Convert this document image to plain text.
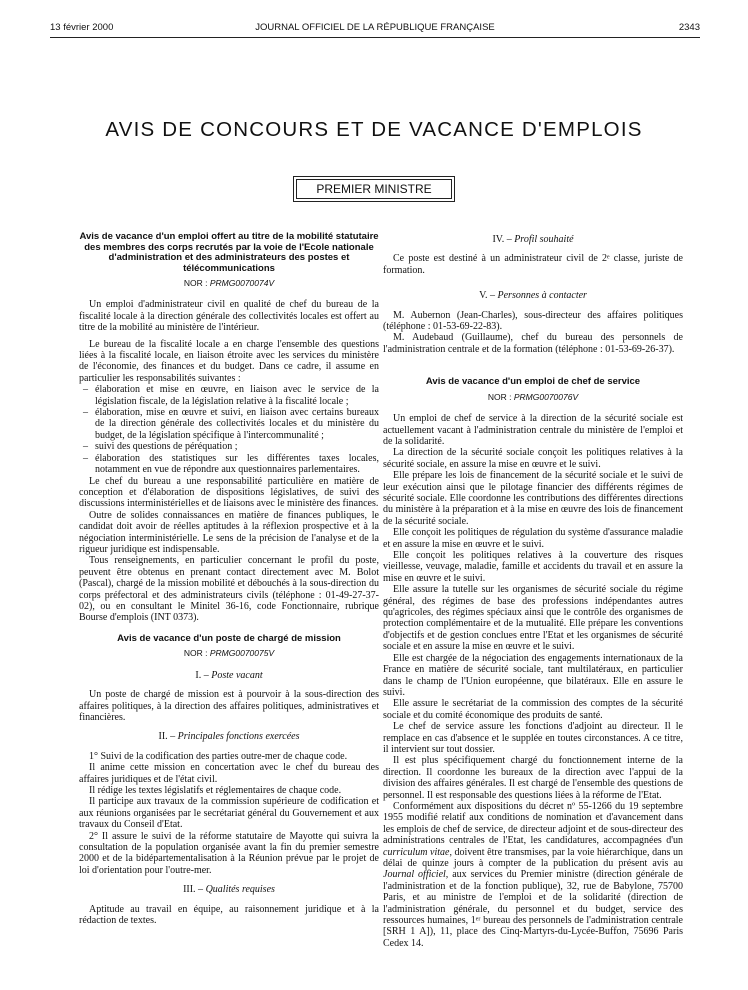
13 février 2000	JOURNAL OFFICIEL DE LA RÉPUBLIQUE FRANÇAISE	2343
AVIS DE CONCOURS ET DE VACANCE D'EMPLOIS
PREMIER MINISTRE
Avis de vacance d'un emploi offert au titre de la mobilité statutaire des membres des corps recrutés par la voie de l'Ecole nationale d'administration et des administrateurs des postes et télécommunications
NOR : PRMG0070074V

Un emploi d'administrateur civil en qualité de chef du bureau de la fiscalité locale à la direction générale des collectivités locales est offert au titre de la mobilité au ministère de l'intérieur.

Le bureau de la fiscalité locale a en charge l'ensemble des questions liées à la fiscalité locale, en liaison étroite avec les services du ministère de l'économie, des finances et du budget. Dans ce cadre, il assume en particulier les responsabilités suivantes :

– élaboration et mise en œuvre, en liaison avec le service de la législation fiscale, de la législation relative à la fiscalité locale ;
– élaboration, mise en œuvre et suivi, en liaison avec certains bureaux de la direction générale des collectivités locales et du ministère du budget, de la législation spécifique à l'intercommunalité ;
– suivi des questions de péréquation ;
– élaboration des statistiques sur les différentes taxes locales, notamment en vue de répondre aux questionnaires parlementaires.

Le chef du bureau a une responsabilité particulière en matière de conception et d'élaboration de dispositions législatives, de suivi des discussions interministérielles et de liaisons avec le ministère des finances.

Outre de solides connaissances en matière de finances publiques, le candidat doit avoir de réelles aptitudes à la réflexion prospective et à la négociation interministérielle. Le sens de la précision de l'analyse et de la rigueur juridique est indispensable.

Tous renseignements, en particulier concernant le profil du poste, peuvent être obtenus en prenant contact directement avec M. Bolot (Pascal), chargé de la mission mobilité et débouchés à la sous-direction du corps préfectoral et des administrateurs civils (téléphone : 01-49-27-37-02), ou en consultant le Minitel 36-16, code Fonctionnaire, rubrique Bourse d'emplois (INT 0373).

Avis de vacance d'un poste de chargé de mission
NOR : PRMG0070075V
I. – Poste vacant

Un poste de chargé de mission est à pourvoir à la sous-direction des affaires politiques, à la direction des affaires politiques, administratives et financières.

II. – Principales fonctions exercées

1° Suivi de la codification des parties outre-mer de chaque code.

Il anime cette mission en concertation avec le chef du bureau des affaires juridiques et de l'état civil.

Il rédige les textes législatifs et réglementaires de chaque code.

Il participe aux travaux de la commission supérieure de codification et aux réunions organisées par le secrétariat général du Gouvernement et aux travaux du Conseil d'Etat.

2° Il assure le suivi de la réforme statutaire de Mayotte qui suivra la consultation de la population organisée avant la fin du premier semestre 2000 et de la bidépartementalisation à la Réunion prévue par le projet de loi d'orientation pour l'outre-mer.

III. – Qualités requises

Aptitude au travail en équipe, au raisonnement juridique et à la rédaction de textes.

IV. – Profil souhaité

Ce poste est destiné à un administrateur civil de 2ᵉ classe, juriste de formation.

V. – Personnes à contacter

M. Aubernon (Jean-Charles), sous-directeur des affaires politiques (téléphone : 01-53-69-22-83).

M. Audebaud (Guillaume), chef du bureau des personnels de l'administration centrale et de la formation (téléphone : 01-53-69-26-37).

Avis de vacance d'un emploi de chef de service
NOR : PRMG0070076V

Un emploi de chef de service à la direction de la sécurité sociale est actuellement vacant à l'administration centrale du ministère de l'emploi et de la solidarité.

La direction de la sécurité sociale conçoit les politiques relatives à la sécurité sociale, en assure la mise en œuvre et le suivi.

Elle prépare les lois de financement de la sécurité sociale et le suivi de leur exécution ainsi que le pilotage financier des différents régimes de sécurité sociale. Elle coordonne les contributions des différentes directions du ministère à la préparation et à la mise en œuvre des lois de financement de la sécurité sociale.

Elle conçoit les politiques de régulation du système d'assurance maladie et en assure la mise en œuvre et le suivi.

Elle conçoit les politiques relatives à la couverture des risques vieillesse, veuvage, maladie, famille et accidents du travail et en assure la mise en œuvre et le suivi.

Elle assure la tutelle sur les organismes de sécurité sociale du régime général, des régimes de base des professions indépendantes autres qu'agricoles, des régimes spéciaux ainsi que le contrôle des organismes de protection complémentaire et de la mutualité. Elle prépare les conventions d'objectifs et de gestion conclues entre l'Etat et les organismes de sécurité sociale et en assure la mise en œuvre et le suivi.

Elle est chargée de la négociation des engagements internationaux de la France en matière de sécurité sociale, tant multilatéraux, en particulier dans le champ de l'Union européenne, que bilatéraux. Elle en assure le suivi.

Elle assure le secrétariat de la commission des comptes de la sécurité sociale et du comité économique des produits de santé.

Le chef de service assure les fonctions d'adjoint au directeur. Il le remplace en cas d'absence et le supplée en toutes circonstances. A ce titre, il intervient sur tout dossier.

Il est plus spécifiquement chargé du fonctionnement interne de la direction. Il coordonne les bureaux de la direction avec l'appui de la division des affaires générales. Il est chargé de l'ensemble des questions de personnel. Il est responsable des questions liées à la réforme de l'Etat.

Conformément aux dispositions du décret nº 55-1266 du 19 septembre 1955 modifié relatif aux conditions de nomination et d'avancement dans les emplois de chef de service, de directeur adjoint et de sous-directeur des administrations centrales de l'Etat, les candidatures, accompagnées d'un curriculum vitae, doivent être transmises, par la voie hiérarchique, dans un délai de quinze jours à compter de la publication du présent avis au Journal officiel, aux services du Premier ministre (direction générale de l'administration et de la fonction publique), 32, rue de Babylone, 75700 Paris, et au ministre de l'emploi et de la solidarité (direction de l'administration générale, du personnel et du budget, service des ressources humaines, 1ᵉʳ bureau des personnels de l'administration centrale [SRH 1 A]), 11, place des Cinq-Martyrs-du-Lycée-Buffon, 75696 Paris Cedex 14.
